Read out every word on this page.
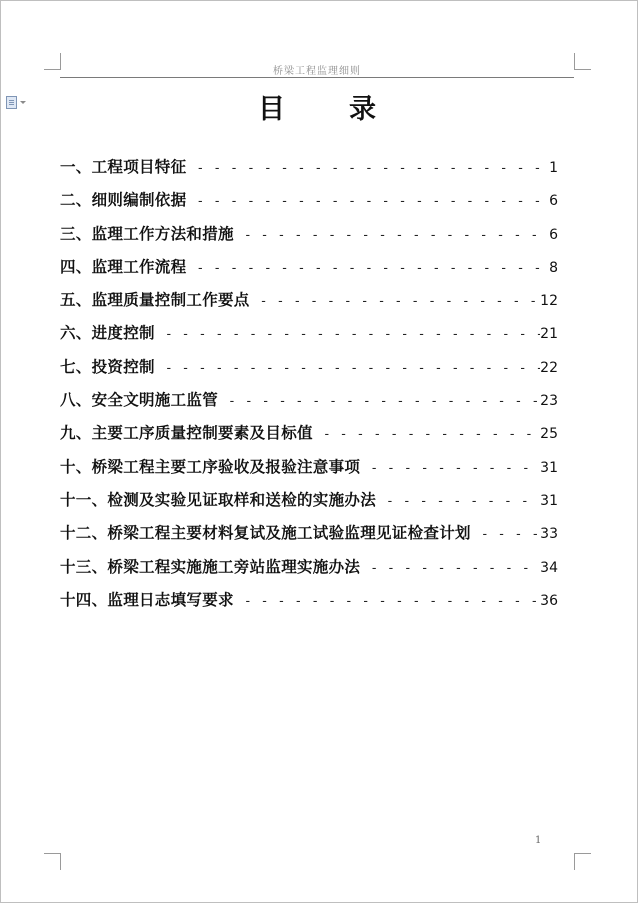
桥梁工程监理细则
目录
一、工程项目特征 - - -	1
二、细则编制依据 - - -	6
三、监理工作方法和措施 - - -	6
四、监理工作流程 - - -	8
五、监理质量控制工作要点 - - -	12
六、进度控制 - - -	21
七、投资控制 - - -	22
八、安全文明施工监管 - - -	23
九、主要工序质量控制要素及目标值 - - -	25
十、桥梁工程主要工序验收及报验注意事项 - - -	31
十一、检测及实验见证取样和送检的实施办法 - - -	31
十二、桥梁工程主要材料复试及施工试验监理见证检查计划 - - -	33
十三、桥梁工程实施施工旁站监理实施办法 - - -	34
十四、监理日志填写要求 - - -	36
1
